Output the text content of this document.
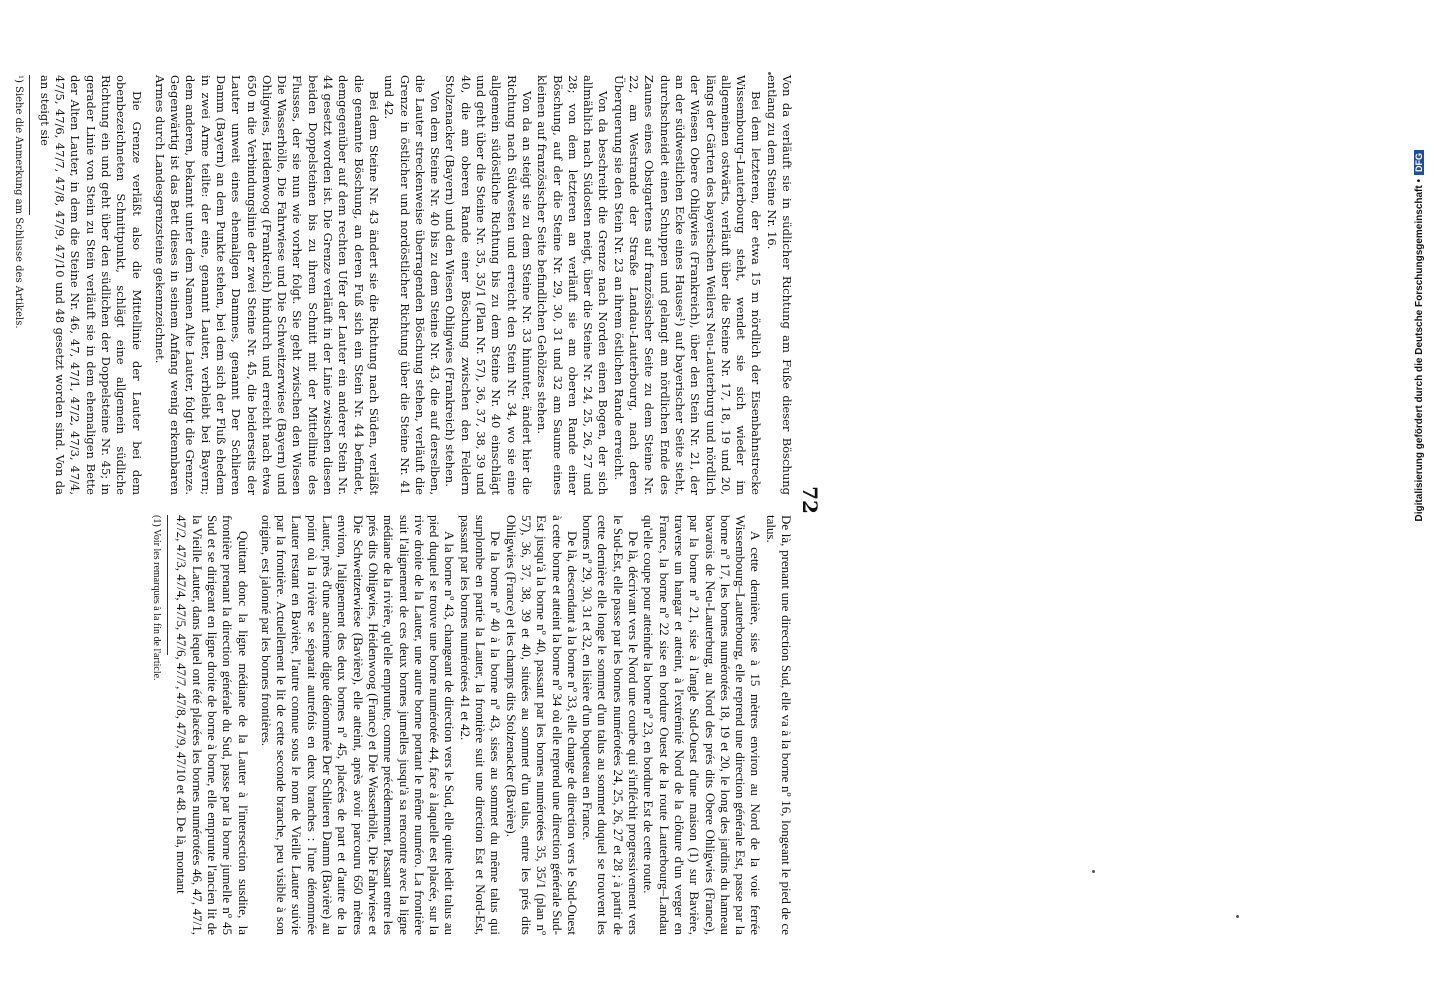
72

Von da verläuft sie in südlicher Richtung am Fuße dieser Böschung entlang zu dem Steine Nr. 16.

Bei dem letzteren, der etwa 15 m nördlich der Eisenbahnstrecke Wissembourg–Lauterbourg steht, wendet sie sich wieder im allgemeinen ostwärts, verläuft über die Steine Nr. 17, 18, 19 und 20, längs der Gärten des bayerischen Weilers Neu-Lauterburg und nördlich der Wiesen Obere Ohligwies (Frankreich), über den Stein Nr. 21, der an der südwestlichen Ecke eines Hauses¹) auf bayerischer Seite steht, durchschneidet einen Schuppen und gelangt am nördlichen Ende des Zaunes eines Obstgartens auf französischer Seite zu dem Steine Nr. 22, am Westrande der Straße Landau-Lauterbourg, nach deren Überquerung sie den Stein Nr. 23 an ihrem östlichen Rande erreicht.

Von da beschreibt die Grenze nach Norden einen Bogen, der sich allmählich nach Südosten neigt, über die Steine Nr. 24, 25, 26, 27 und 28; von dem letzteren an verläuft sie am oberen Rande einer Böschung, auf der die Steine Nr. 29, 30, 31 und 32 am Saume eines kleinen auf französischer Seite befindlichen Gehölzes stehen.

Von da an steigt sie zu dem Steine Nr. 33 hinunter, ändert hier die Richtung nach Südwesten und erreicht den Stein Nr. 34, wo sie eine allgemein südöstliche Richtung bis zu dem Steine Nr. 40 einschlägt und geht über die Steine Nr. 35, 35/1 (Plan Nr. 57), 36, 37, 38, 39 und 40, die am oberen Rande einer Böschung zwischen den Feldern Stolzenacker (Bayern) und den Wiesen Ohligwies (Frankreich) stehen.

Von dem Steine Nr. 40 bis zu dem Steine Nr. 43, die auf derselben, die Lauter streckenweise überragenden Böschung stehen, verläuft die Grenze in östlicher und nordöstlicher Richtung über die Steine Nr. 41 und 42.

Bei dem Steine Nr. 43 ändert sie die Richtung nach Süden, verläßt die genannte Böschung, an deren Fuß sich ein Stein Nr. 44 befindet, demgegenüber auf dem rechten Ufer der Lauter ein anderer Stein Nr. 44 gesetzt worden ist. Die Grenze verläuft in der Linie zwischen diesen beiden Doppelsteinen bis zu ihrem Schnitt mit der Mittellinie des Flusses, der sie nun wie vorher folgt. Sie geht zwischen den Wiesen Die Wasserhölle, Die Fahrwiese und Die Schweitzerwiese (Bayern) und Ohligwies, Heidenwoog (Frankreich) hindurch und erreicht nach etwa 650 m die Verbindungslinie der zwei Steine Nr. 45, die beiderseits der Lauter unweit eines ehemaligen Dammes, genannt Der Schlieren Damm (Bayern) an dem Punkte stehen, bei dem sich der Fluß ehedem in zwei Arme teilte: der eine, genannt Lauter, verbleibt bei Bayern; dem anderen, bekannt unter dem Namen Alte Lauter, folgt die Grenze. Gegenwärtig ist das Bett dieses in seinem Anfang wenig erkennbaren Armes durch Landesgrenzsteine gekennzeichnet.

Die Grenze verläßt also die Mittellinie der Lauter bei dem obenbezeichneten Schnittpunkt, schlägt eine allgemein südliche Richtung ein und geht über den südlichen der Doppelsteine Nr. 45; in gerader Linie von Stein zu Stein verläuft sie in dem ehemaligen Bette der Alten Lauter, in dem die Steine Nr. 46, 47, 47/1, 47/2, 47/3, 47/4, 47/5, 47/6, 47/7, 47/8, 47/9, 47/10 und 48 gesetzt worden sind. Von da an steigt sie

¹) Siehe die Anmerkung am Schlusse des Artikels.

De là, prenant une direction Sud, elle va à la borne nº 16, longeant le pied de ce talus.

A cette dernière, sise à 15 mètres environ au Nord de la voie ferrée Wissembourg–Lauterbourg, elle reprend une direction générale Est, passe par la borne nº 17, les bornes numérotées 18, 19 et 20, le long des jardins du hameau bavarois de Neu-Lauterburg, au Nord des prés dits Obere Ohligwies (France), par la borne nº 21, sise à l'angle Sud-Ouest d'une maison (1) sur Bavière, traverse un hangar et atteint, à l'extrémité Nord de la clôture d'un verger en France, la borne nº 22 sise en bordure Ouest de la route Lauterbourg–Landau qu'elle coupe pour atteindre la borne nº 23, en bordure Est de cette route.

De là, décrivant vers le Nord une courbe qui s'infléchit progressivement vers le Sud-Est, elle passe par les bornes numérotées 24, 25, 26, 27 et 28 ; à partir de cette dernière elle longe le sommet d'un talus au sommet duquel se trouvent les bornes nº 29, 30, 31 et 32, en lisière d'un boqueteau en France.

De là, descendant à la borne nº 33, elle change de direction vers le Sud-Ouest à cette borne et atteint la borne nº 34 où elle reprend une direction générale Sud-Est jusqu'à la borne nº 40, passant par les bornes numérotées 35, 35/1 (plan nº 57), 36, 37, 38, 39 et 40, situées au sommet d'un talus, entre les prés dits Ohligwies (France) et les champs dits Stolzenacker (Bavière).

De la borne nº 40 à la borne nº 43, sises au sommet du même talus qui surplombe en partie la Lauter, la frontière suit une direction Est et Nord-Est, passant par les bornes numérotées 41 et 42.

A la borne nº 43, changeant de direction vers le Sud, elle quitte ledit talus au pied duquel se trouve une borne numérotée 44, face à laquelle est placée, sur la rive droite de la Lauter, une autre borne portant le même numéro. La frontière suit l'alignement de ces deux bornes jumelles jusqu'à sa rencontre avec la ligne médiane de la rivière, qu'elle emprunte, comme précédemment. Passant entre les prés dits Ohligwies, Heidenwoog (France) et Die Wasserhölle, Die Fahrwiese et Die Schweitzerwiese (Bavière), elle atteint, après avoir parcouru 650 mètres environ, l'alignement des deux bornes nº 45, placées de part et d'autre de la Lauter, près d'une ancienne digue dénommée Der Schlieren Damm (Bavière) au point où la rivière se séparait autrefois en deux branches : l'une dénommée Lauter restant en Bavière, l'autre connue sous le nom de Vieille Lauter suivie par la frontière. Actuellement le lit de cette seconde branche, peu visible à son origine, est jalonné par les bornes frontières.

Quittant donc la ligne médiane de la Lauter à l'intersection susdite, la frontière prenant la direction générale du Sud, passe par la borne jumelle nº 45 Sud et se dirigeant en ligne droite de borne à borne, elle emprunte l'ancien lit de la Vieille Lauter, dans lequel ont été placées les bornes numérotées 46, 47, 47/1, 47/2, 47/3, 47/4, 47/5, 47/6, 47/7, 47/8, 47/9, 47/10 et 48. De là, montant

(1) Voir les remarques à la fin de l'article.

Digitalisierung gefördert durch die Deutsche Forschungsgemeinschaft •DFG
